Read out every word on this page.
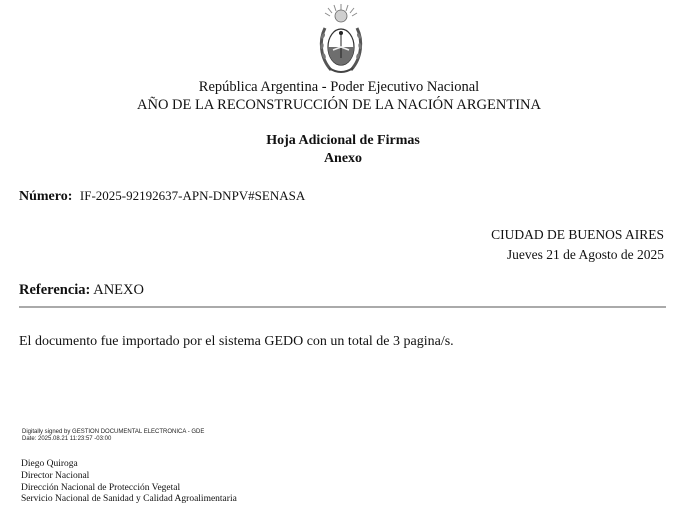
República Argentina - Poder Ejecutivo Nacional
AÑO DE LA RECONSTRUCCIÓN DE LA NACIÓN ARGENTINA
Hoja Adicional de Firmas
Anexo
Número: IF-2025-92192637-APN-DNPV#SENASA
CIUDAD DE BUENOS AIRES
Jueves 21 de Agosto de 2025
Referencia: ANEXO
El documento fue importado por el sistema GEDO con un total de 3 pagina/s.
Digitally signed by GESTION DOCUMENTAL ELECTRONICA - GDE
Date: 2025.08.21 11:23:57 -03:00
Diego Quiroga
Director Nacional
Dirección Nacional de Protección Vegetal
Servicio Nacional de Sanidad y Calidad Agroalimentaria
